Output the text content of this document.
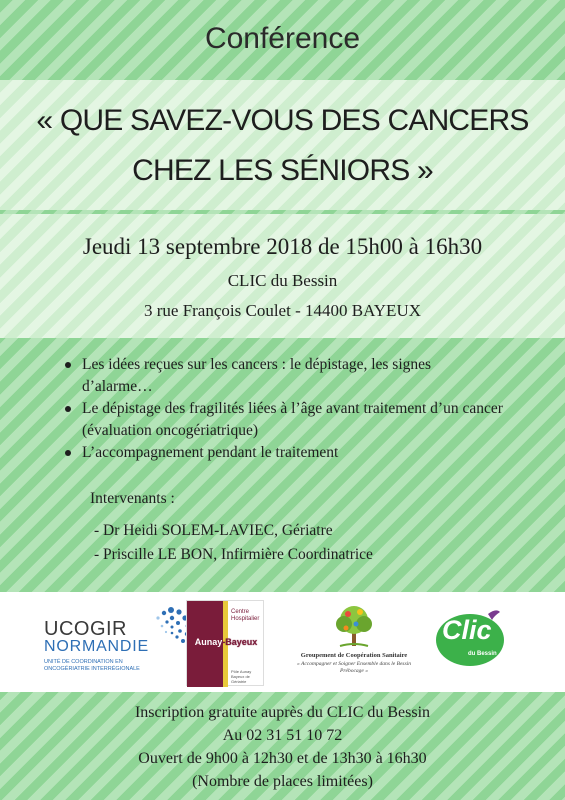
Conférence
« QUE SAVEZ-VOUS DES CANCERS
CHEZ LES SÉNIORS »
Jeudi 13 septembre 2018 de 15h00 à 16h30
CLIC du Bessin
3 rue François Coulet - 14400 BAYEUX
Les idées reçues sur les cancers : le dépistage, les signes d’alarme…
Le dépistage des fragilités liées à l’âge avant traitement d’un cancer (évaluation oncogériatrique)
L’accompagnement pendant le traitement
Intervenants :
- Dr Heidi SOLEM-LAVIEC, Gériatre
- Priscille LE BON, Infirmière Coordinatrice
UCOGIR
NORMANDIE
UNITÉ DE COORDINATION EN ONCOGÉRIATRIE INTERRÉGIONALE
Centre Hospitalier
Aunay-Bayeux
Pôle Aunay Bayeux de Gériatrie
Groupement de Coopération Sanitaire
« Accompagner et Soigner Ensemble dans le Bessin Prébocage »
Clic
du Bessin
Inscription gratuite auprès du CLIC du Bessin
Au 02 31 51 10 72
Ouvert de 9h00 à 12h30 et de 13h30 à 16h30
(Nombre de places limitées)
